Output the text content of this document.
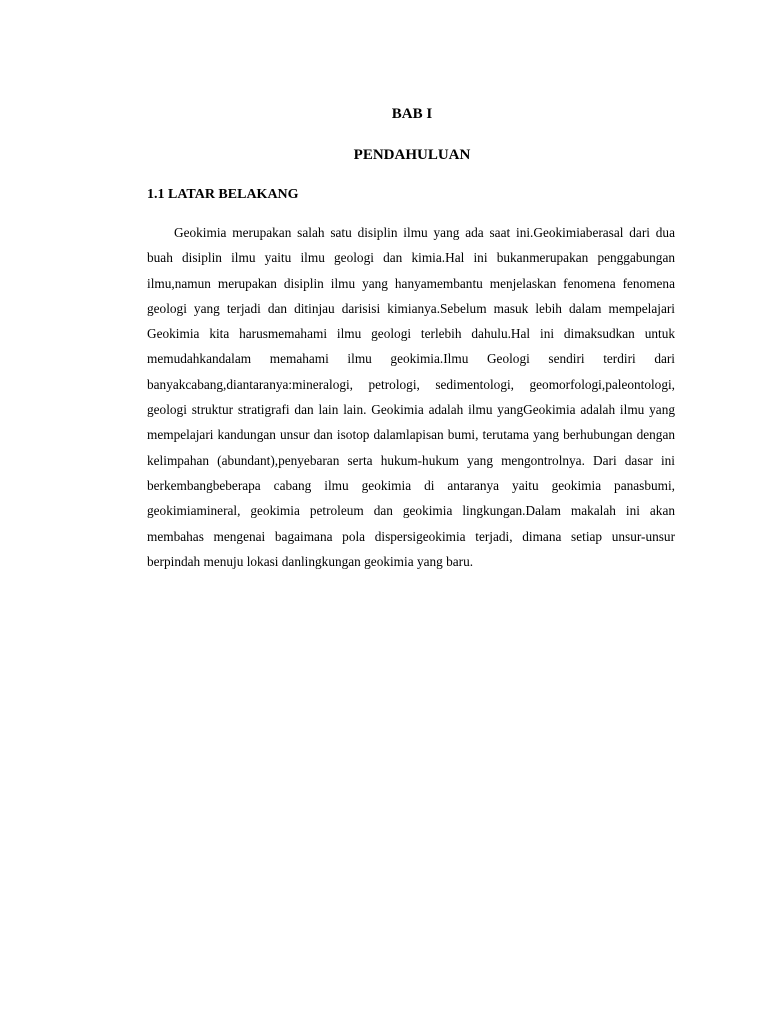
BAB I
PENDAHULUAN
1.1 LATAR BELAKANG

Geokimia merupakan salah satu disiplin ilmu yang ada saat ini.Geokimiaberasal dari dua buah disiplin ilmu yaitu ilmu geologi dan kimia.Hal ini bukanmerupakan penggabungan ilmu,namun merupakan disiplin ilmu yang hanyamembantu menjelaskan fenomena fenomena geologi yang terjadi dan ditinjau darisisi kimianya.Sebelum masuk lebih dalam mempelajari Geokimia kita harusmemahami ilmu geologi terlebih dahulu.Hal ini dimaksudkan untuk memudahkandalam memahami ilmu geokimia.Ilmu Geologi sendiri terdiri dari banyakcabang,diantaranya:mineralogi, petrologi, sedimentologi, geomorfologi,paleontologi, geologi struktur stratigrafi dan lain lain. Geokimia adalah ilmu yangGeokimia adalah ilmu yang mempelajari kandungan unsur dan isotop dalamlapisan bumi, terutama yang berhubungan dengan kelimpahan (abundant),penyebaran serta hukum-hukum yang mengontrolnya. Dari dasar ini berkembangbeberapa cabang ilmu geokimia di antaranya yaitu geokimia panasbumi, geokimiamineral, geokimia petroleum dan geokimia lingkungan.Dalam makalah ini akan membahas mengenai bagaimana pola dispersigeokimia terjadi, dimana setiap unsur-unsur berpindah menuju lokasi danlingkungan geokimia yang baru.
